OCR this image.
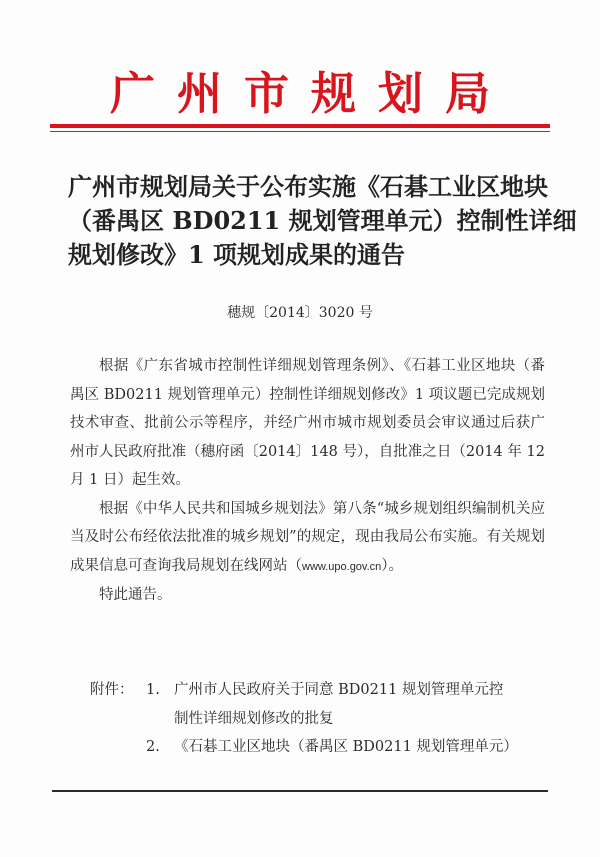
广州市规划局
广州市规划局关于公布实施《石碁工业区地块
（番禺区 BD0211 规划管理单元）控制性详细
规划修改》1 项规划成果的通告
穗规〔2014〕3020 号

根据《广东省城市控制性详细规划管理条例》、《石碁工业区地块（番禺区 BD0211 规划管理单元）控制性详细规划修改》1 项议题已完成规划技术审查、批前公示等程序，并经广州市城市规划委员会审议通过后获广州市人民政府批准（穗府函〔2014〕148 号），自批准之日（2014 年 12 月 1 日）起生效。

根据《中华人民共和国城乡规划法》第八条“城乡规划组织编制机关应当及时公布经依法批准的城乡规划”的规定，现由我局公布实施。有关规划成果信息可查询我局规划在线网站（www.upo.gov.cn）。

特此通告。

附件： 1. 广州市人民政府关于同意 BD0211 规划管理单元控
制性详细规划修改的批复
2. 《石碁工业区地块（番禺区 BD0211 规划管理单元）
